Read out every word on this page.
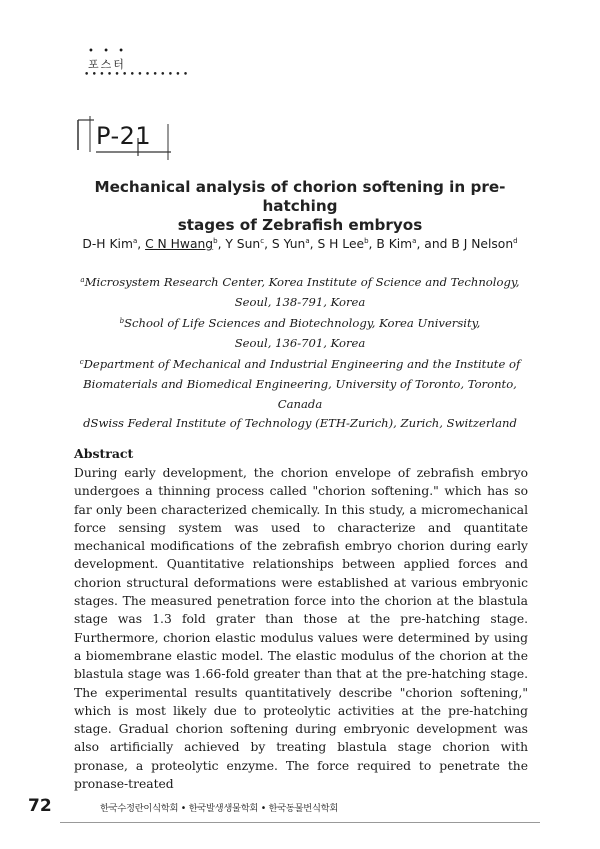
• • •
포스터
••••••••••••••
P-21
Mechanical analysis of chorion softening in pre-hatching
stages of Zebrafish embryos
D-H Kim$^a$, C N Hwang$^b$, Y Sun$^c$, S Yun$^a$, S H Lee$^b$, B Kim$^a$, and B J Nelson$^d$
$^a$Microsystem Research Center, Korea Institute of Science and Technology,
Seoul, 138-791, Korea
$^b$School of Life Sciences and Biotechnology, Korea University,
Seoul, 136-701, Korea
$^c$Department of Mechanical and Industrial Engineering and the Institute of
Biomaterials and Biomedical Engineering, University of Toronto, Toronto,
Canada
dSwiss Federal Institute of Technology (ETH-Zurich), Zurich, Switzerland
Abstract
During early development, the chorion envelope of zebrafish embryo undergoes a thinning process called "chorion softening." which has so far only been characterized chemically. In this study, a micromechanical force sensing system was used to characterize and quantitate mechanical modifications of the zebrafish embryo chorion during early development. Quantitative relationships between applied forces and chorion structural deformations were established at various embryonic stages. The measured penetration force into the chorion at the blastula stage was 1.3 fold grater than those at the pre-hatching stage. Furthermore, chorion elastic modulus values were determined by using a biomembrane elastic model. The elastic modulus of the chorion at the blastula stage was 1.66-fold greater than that at the pre-hatching stage. The experimental results quantitatively describe "chorion softening," which is most likely due to proteolytic activities at the pre-hatching stage. Gradual chorion softening during embryonic development was also artificially achieved by treating blastula stage chorion with pronase, a proteolytic enzyme. The force required to penetrate the pronase-treated
72	한국수정란이식학회 • 한국발생생물학회 • 한국동물번식학회
